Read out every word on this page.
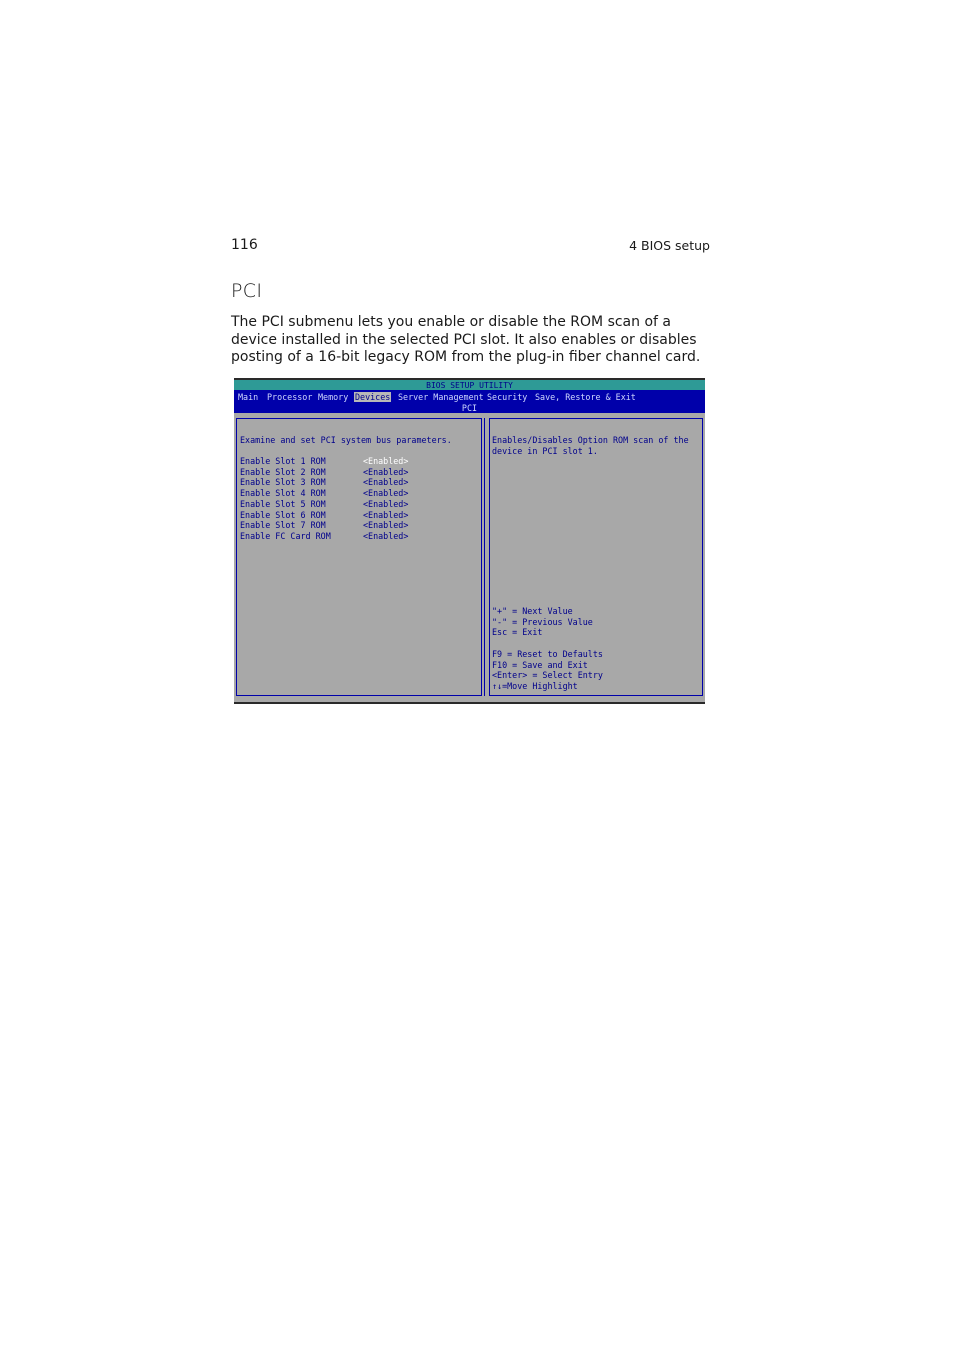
116	4 BIOS setup
PCI
The PCI submenu lets you enable or disable the ROM scan of a device installed in the selected PCI slot. It also enables or disables posting of a 16-bit legacy ROM from the plug-in fiber channel card.
BIOS SETUP UTILITY
Main Processor Memory Devices Server Management Security Save, Restore & Exit
PCI
Examine and set PCI system bus parameters.
Enable Slot 1 ROM	<Enabled>
Enable Slot 2 ROM	<Enabled>
Enable Slot 3 ROM	<Enabled>
Enable Slot 4 ROM	<Enabled>
Enable Slot 5 ROM	<Enabled>
Enable Slot 6 ROM	<Enabled>
Enable Slot 7 ROM	<Enabled>
Enable FC Card ROM	<Enabled>
Enables/Disables Option ROM scan of the
device in PCI slot 1.
"+" = Next Value
"-" = Previous Value
Esc = Exit
F9 = Reset to Defaults
F10 = Save and Exit
<Enter> = Select Entry
↑↓=Move Highlight
